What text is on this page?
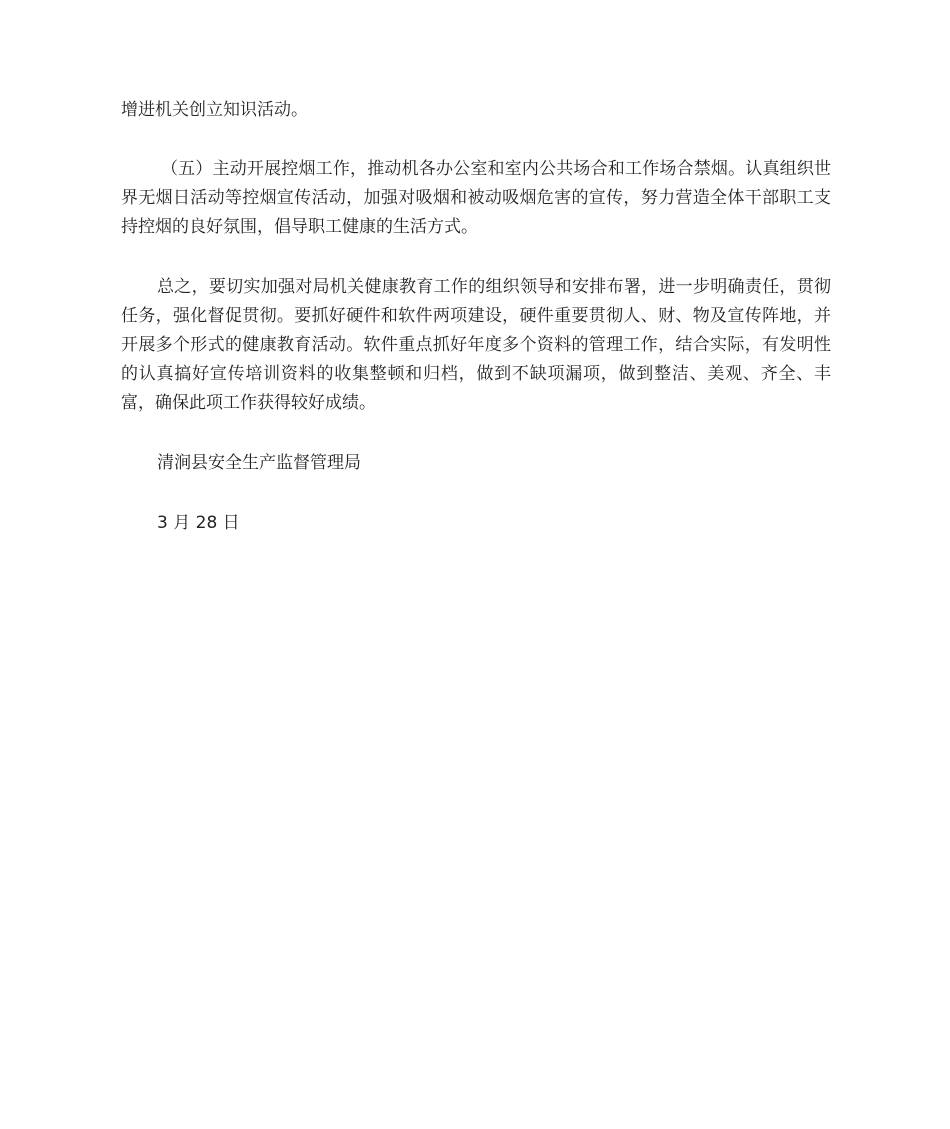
增进机关创立知识活动。

（五）主动开展控烟工作，推动机各办公室和室内公共场合和工作场合禁烟。认真组织世界无烟日活动等控烟宣传活动，加强对吸烟和被动吸烟危害的宣传，努力营造全体干部职工支持控烟的良好氛围，倡导职工健康的生活方式。

总之，要切实加强对局机关健康教育工作的组织领导和安排布署，进一步明确责任，贯彻任务，强化督促贯彻。要抓好硬件和软件两项建设，硬件重要贯彻人、财、物及宣传阵地，并开展多个形式的健康教育活动。软件重点抓好年度多个资料的管理工作，结合实际，有发明性的认真搞好宣传培训资料的收集整顿和归档，做到不缺项漏项，做到整洁、美观、齐全、丰富，确保此项工作获得较好成绩。

清涧县安全生产监督管理局

3 月 28 日
